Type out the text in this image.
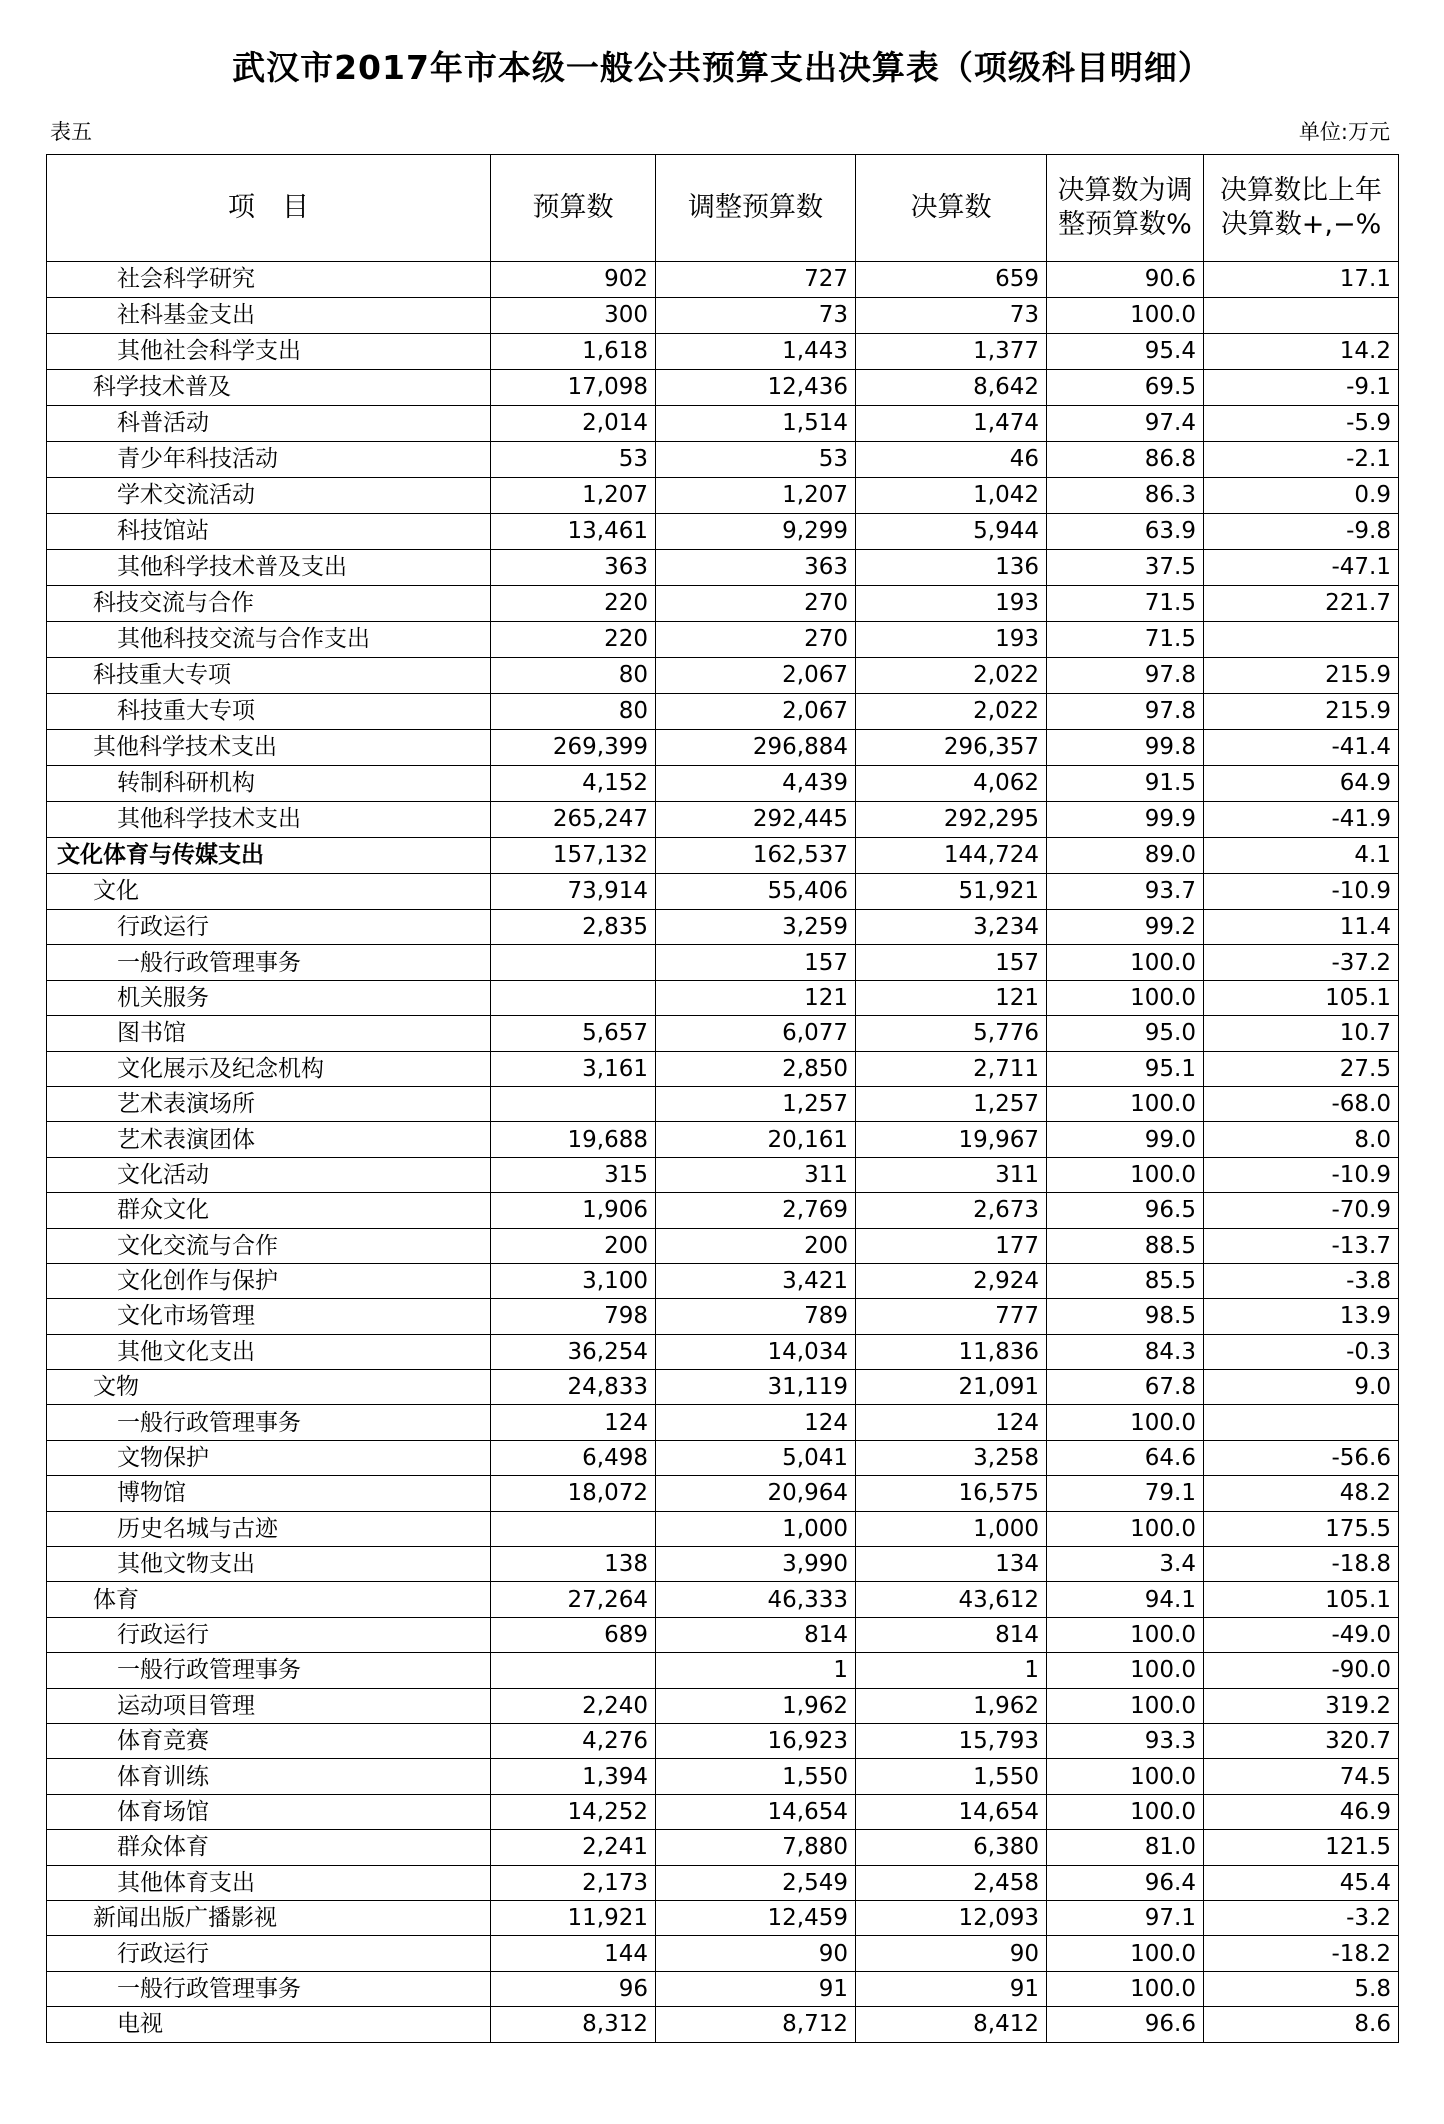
武汉市2017年市本级一般公共预算支出决算表（项级科目明细）
表五	单位:万元
项　目	预算数	调整预算数	决算数	决算数为调整预算数%	决算数比上年决算数+,−%
社会科学研究	902	727	659	90.6	17.1
社科基金支出	300	73	73	100.0	
其他社会科学支出	1,618	1,443	1,377	95.4	14.2
科学技术普及	17,098	12,436	8,642	69.5	-9.1
科普活动	2,014	1,514	1,474	97.4	-5.9
青少年科技活动	53	53	46	86.8	-2.1
学术交流活动	1,207	1,207	1,042	86.3	0.9
科技馆站	13,461	9,299	5,944	63.9	-9.8
其他科学技术普及支出	363	363	136	37.5	-47.1
科技交流与合作	220	270	193	71.5	221.7
其他科技交流与合作支出	220	270	193	71.5	
科技重大专项	80	2,067	2,022	97.8	215.9
科技重大专项	80	2,067	2,022	97.8	215.9
其他科学技术支出	269,399	296,884	296,357	99.8	-41.4
转制科研机构	4,152	4,439	4,062	91.5	64.9
其他科学技术支出	265,247	292,445	292,295	99.9	-41.9
文化体育与传媒支出	157,132	162,537	144,724	89.0	4.1
文化	73,914	55,406	51,921	93.7	-10.9
行政运行	2,835	3,259	3,234	99.2	11.4
一般行政管理事务		157	157	100.0	-37.2
机关服务		121	121	100.0	105.1
图书馆	5,657	6,077	5,776	95.0	10.7
文化展示及纪念机构	3,161	2,850	2,711	95.1	27.5
艺术表演场所		1,257	1,257	100.0	-68.0
艺术表演团体	19,688	20,161	19,967	99.0	8.0
文化活动	315	311	311	100.0	-10.9
群众文化	1,906	2,769	2,673	96.5	-70.9
文化交流与合作	200	200	177	88.5	-13.7
文化创作与保护	3,100	3,421	2,924	85.5	-3.8
文化市场管理	798	789	777	98.5	13.9
其他文化支出	36,254	14,034	11,836	84.3	-0.3
文物	24,833	31,119	21,091	67.8	9.0
一般行政管理事务	124	124	124	100.0	
文物保护	6,498	5,041	3,258	64.6	-56.6
博物馆	18,072	20,964	16,575	79.1	48.2
历史名城与古迹		1,000	1,000	100.0	175.5
其他文物支出	138	3,990	134	3.4	-18.8
体育	27,264	46,333	43,612	94.1	105.1
行政运行	689	814	814	100.0	-49.0
一般行政管理事务		1	1	100.0	-90.0
运动项目管理	2,240	1,962	1,962	100.0	319.2
体育竞赛	4,276	16,923	15,793	93.3	320.7
体育训练	1,394	1,550	1,550	100.0	74.5
体育场馆	14,252	14,654	14,654	100.0	46.9
群众体育	2,241	7,880	6,380	81.0	121.5
其他体育支出	2,173	2,549	2,458	96.4	45.4
新闻出版广播影视	11,921	12,459	12,093	97.1	-3.2
行政运行	144	90	90	100.0	-18.2
一般行政管理事务	96	91	91	100.0	5.8
电视	8,312	8,712	8,412	96.6	8.6
